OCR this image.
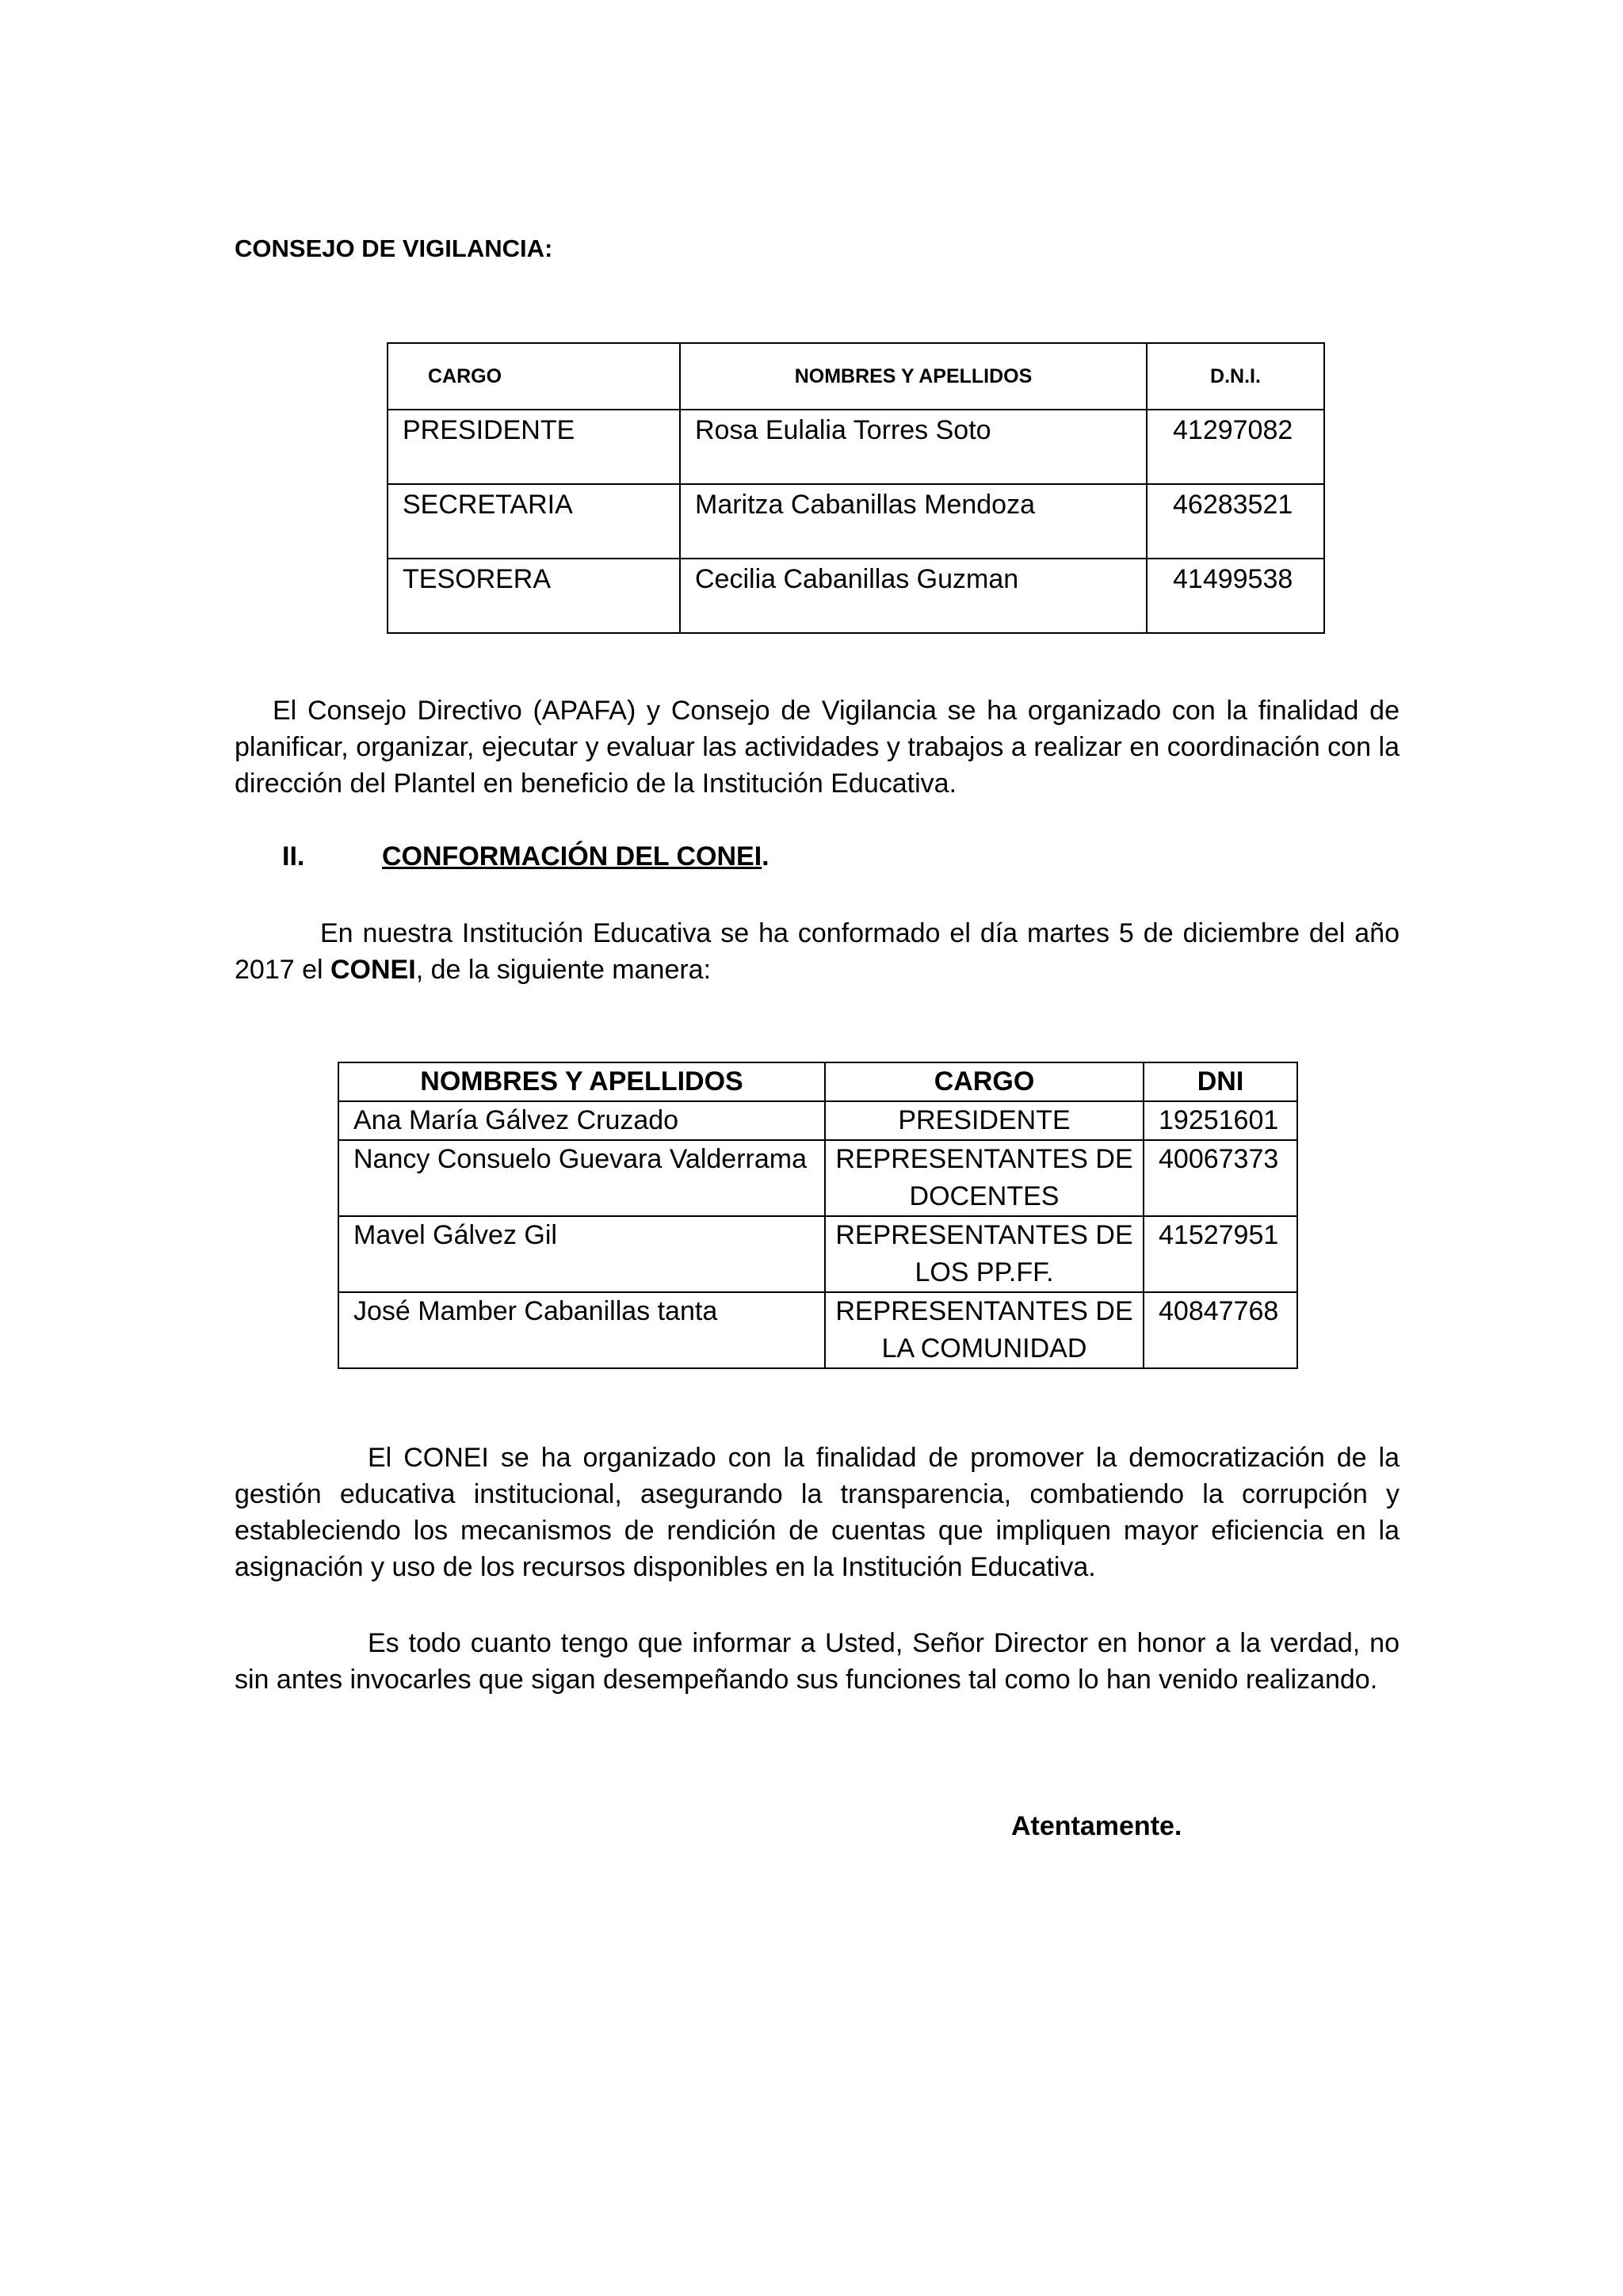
CONSEJO DE VIGILANCIA:
CARGO	NOMBRES Y APELLIDOS	D.N.I.
PRESIDENTE	Rosa Eulalia Torres Soto	41297082
SECRETARIA	Maritza Cabanillas Mendoza	46283521
TESORERA	Cecilia Cabanillas Guzman	41499538
El Consejo Directivo (APAFA) y Consejo de Vigilancia se ha organizado con la finalidad de planificar, organizar, ejecutar y evaluar las actividades y trabajos a realizar en coordinación con la dirección del Plantel en beneficio de la Institución Educativa.
II.	CONFORMACIÓN DEL CONEI.
En nuestra Institución Educativa se ha conformado el día martes 5 de diciembre del año 2017 el CONEI, de la siguiente manera:
NOMBRES Y APELLIDOS	CARGO	DNI
Ana María Gálvez Cruzado	PRESIDENTE	19251601
Nancy Consuelo Guevara Valderrama	REPRESENTANTES DE DOCENTES	40067373
Mavel Gálvez Gil	REPRESENTANTES DE LOS PP.FF.	41527951
José Mamber Cabanillas tanta	REPRESENTANTES DE LA COMUNIDAD	40847768
El CONEI se ha organizado con la finalidad de promover la democratización de la gestión educativa institucional, asegurando la transparencia, combatiendo la corrupción y estableciendo los mecanismos de rendición de cuentas que impliquen mayor eficiencia en la asignación y uso de los recursos disponibles en la Institución Educativa.
Es todo cuanto tengo que informar a Usted, Señor Director en honor a la verdad, no sin antes invocarles que sigan desempeñando sus funciones tal como lo han venido realizando.
Atentamente.
